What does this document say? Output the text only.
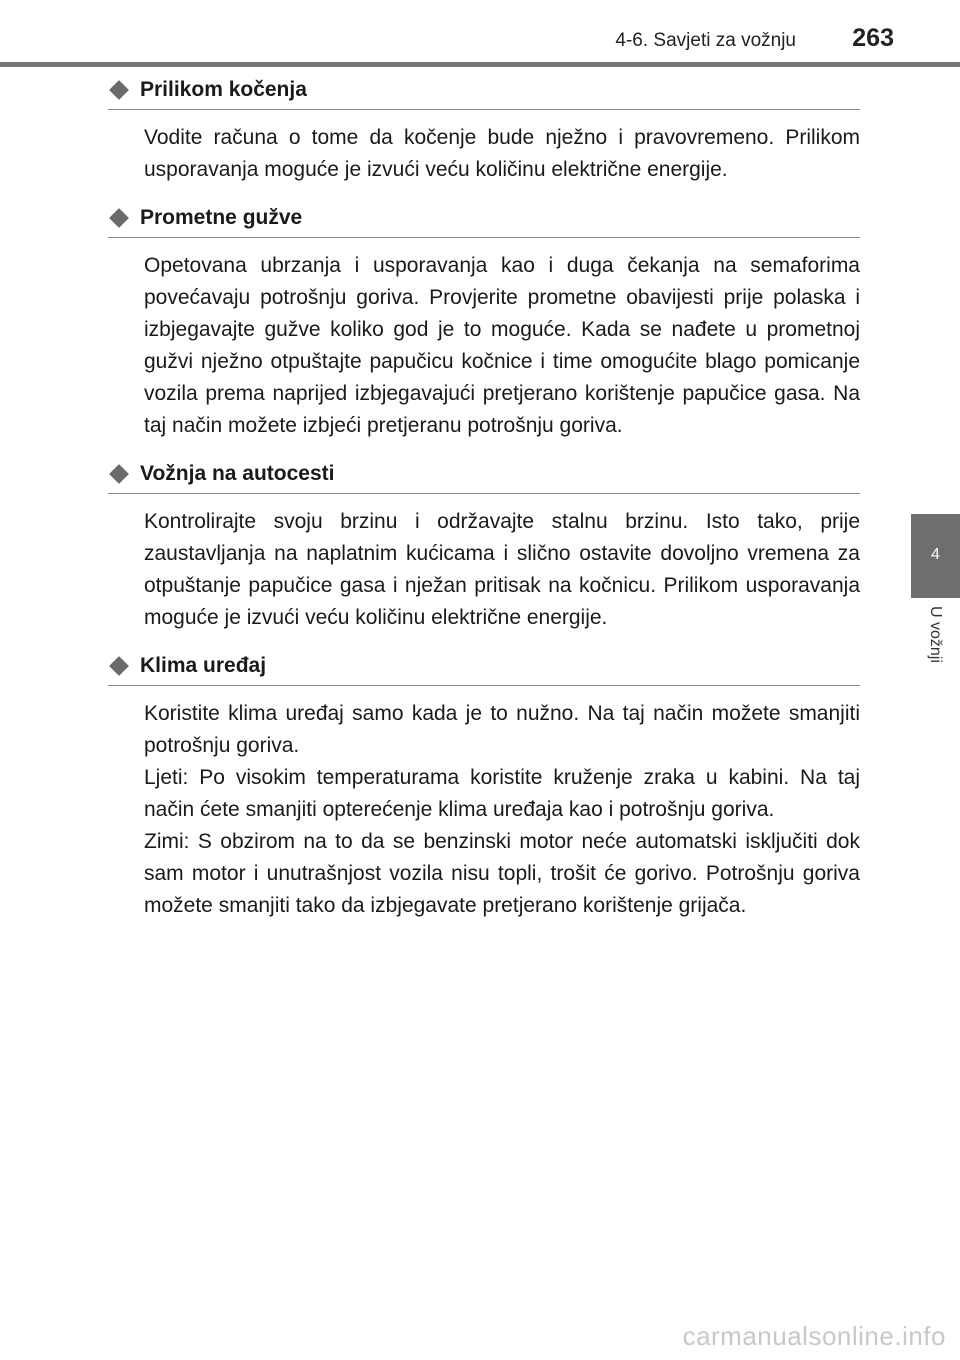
4-6. Savjeti za vožnju	263
4
U vožnji
Prilikom kočenja

Vodite računa o tome da kočenje bude nježno i pravovremeno. Prilikom usporavanja moguće je izvući veću količinu električne energije.

Prometne gužve

Opetovana ubrzanja i usporavanja kao i duga čekanja na semaforima povećavaju potrošnju goriva. Provjerite prometne obavijesti prije polaska i izbjegavajte gužve koliko god je to moguće. Kada se nađete u prometnoj gužvi nježno otpuštajte papučicu kočnice i time omogućite blago pomicanje vozila prema naprijed izbjegavajući pretjerano korištenje papučice gasa. Na taj način možete izbjeći pretjeranu potrošnju goriva.

Vožnja na autocesti

Kontrolirajte svoju brzinu i održavajte stalnu brzinu. Isto tako, prije zaustavljanja na naplatnim kućicama i slično ostavite dovoljno vremena za otpuštanje papučice gasa i nježan pritisak na kočnicu. Prilikom usporavanja moguće je izvući veću količinu električne energije.

Klima uređaj

Koristite klima uređaj samo kada je to nužno. Na taj način možete smanjiti potrošnju goriva.

Ljeti: Po visokim temperaturama koristite kruženje zraka u kabini. Na taj način ćete smanjiti opterećenje klima uređaja kao i potrošnju goriva.

Zimi: S obzirom na to da se benzinski motor neće automatski isključiti dok sam motor i unutrašnjost vozila nisu topli, trošit će gorivo. Potrošnju goriva možete smanjiti tako da izbjegavate pretjerano korištenje grijača.

carmanualsonline.info
